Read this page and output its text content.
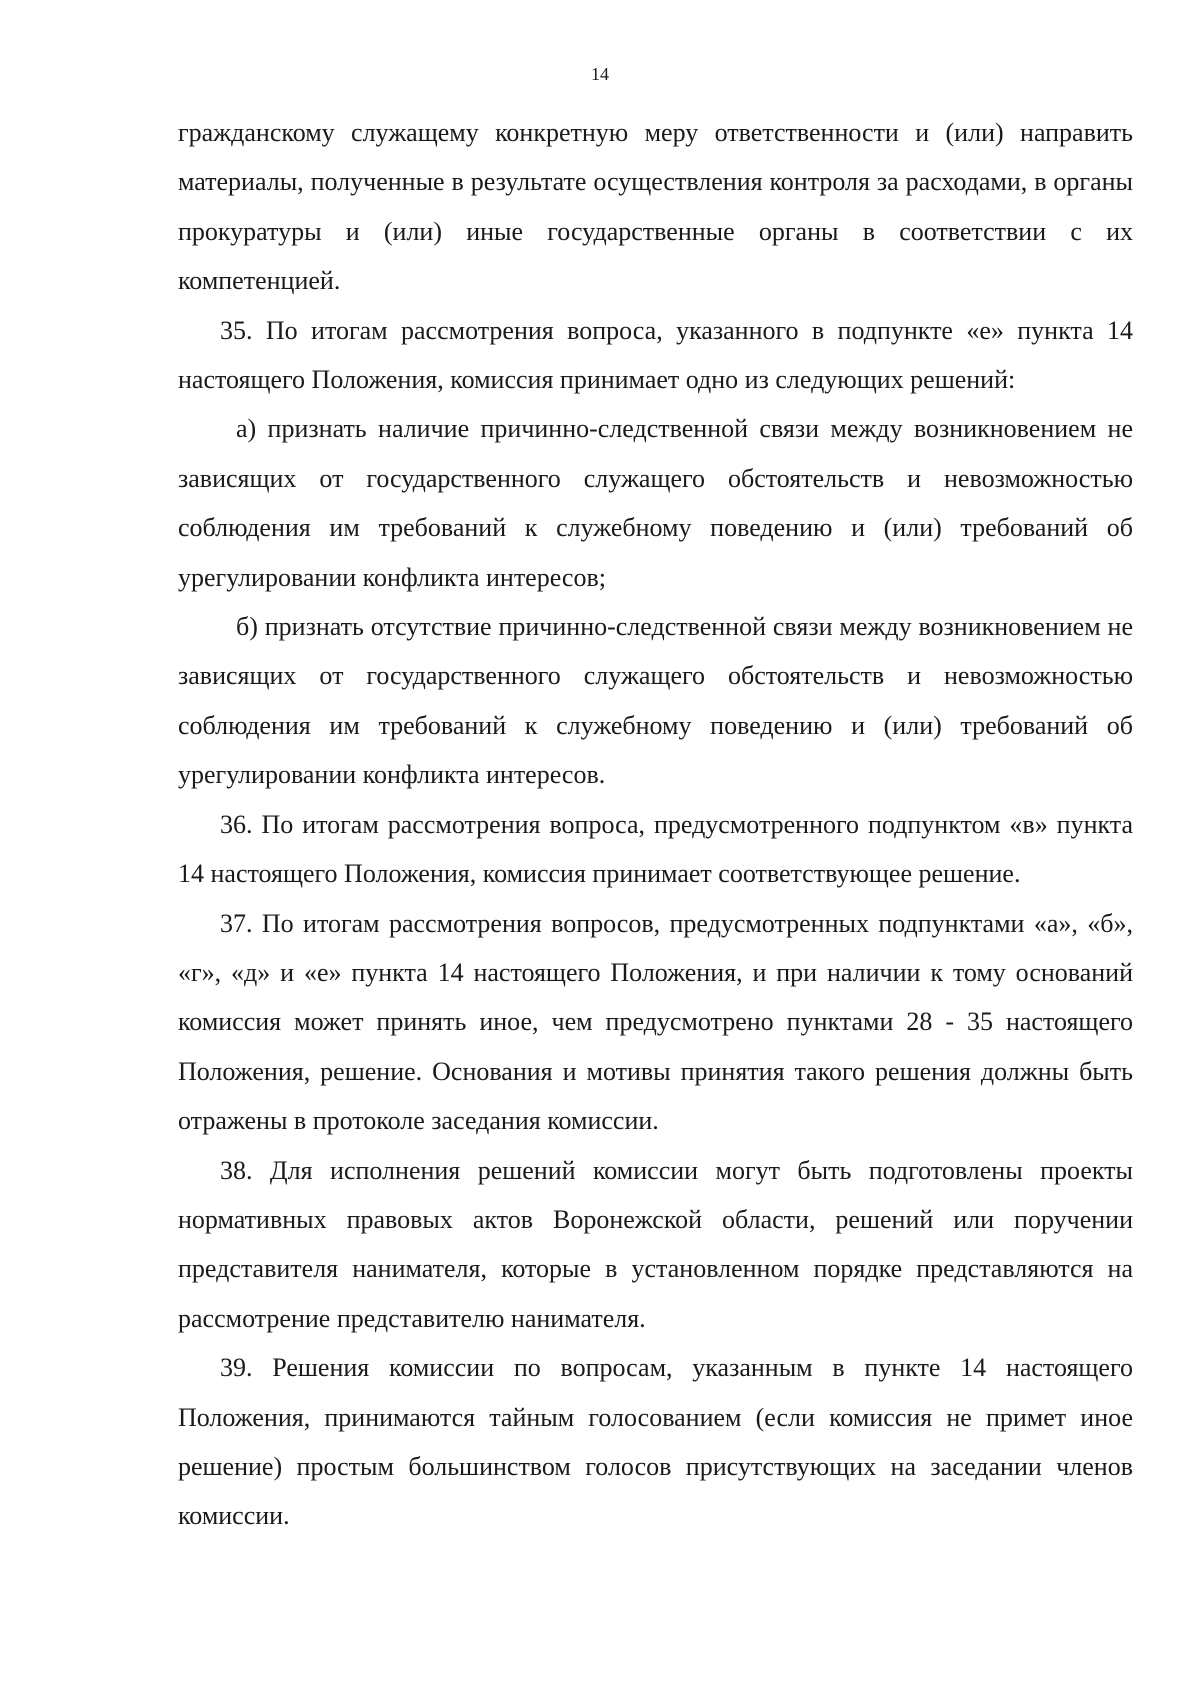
14

гражданскому служащему конкретную меру ответственности и (или) направить материалы, полученные в результате осуществления контроля за расходами, в органы прокуратуры и (или) иные государственные органы в соответствии с их компетенцией.

35. По итогам рассмотрения вопроса, указанного в подпункте «е» пункта 14 настоящего Положения, комиссия принимает одно из следующих решений:

а) признать наличие причинно-следственной связи между возникновением не зависящих от государственного служащего обстоятельств и невозможностью соблюдения им требований к служебному поведению и (или) требований об урегулировании конфликта интересов;

б) признать отсутствие причинно-следственной связи между возникновением не зависящих от государственного служащего обстоятельств и невозможностью соблюдения им требований к служебному поведению и (или) требований об урегулировании конфликта интересов.

36. По итогам рассмотрения вопроса, предусмотренного подпунктом «в» пункта 14 настоящего Положения, комиссия принимает соответствующее решение.

37. По итогам рассмотрения вопросов, предусмотренных подпунктами «а», «б», «г», «д» и «е» пункта 14 настоящего Положения, и при наличии к тому оснований комиссия может принять иное, чем предусмотрено пунктами 28 - 35 настоящего Положения, решение. Основания и мотивы принятия такого решения должны быть отражены в протоколе заседания комиссии.

38. Для исполнения решений комиссии могут быть подготовлены проекты нормативных правовых актов Воронежской области, решений или поручении представителя нанимателя, которые в установленном порядке представляются на рассмотрение представителю нанимателя.

39. Решения комиссии по вопросам, указанным в пункте 14 настоящего Положения, принимаются тайным голосованием (если комиссия не примет иное решение) простым большинством голосов присутствующих на заседании членов комиссии.
